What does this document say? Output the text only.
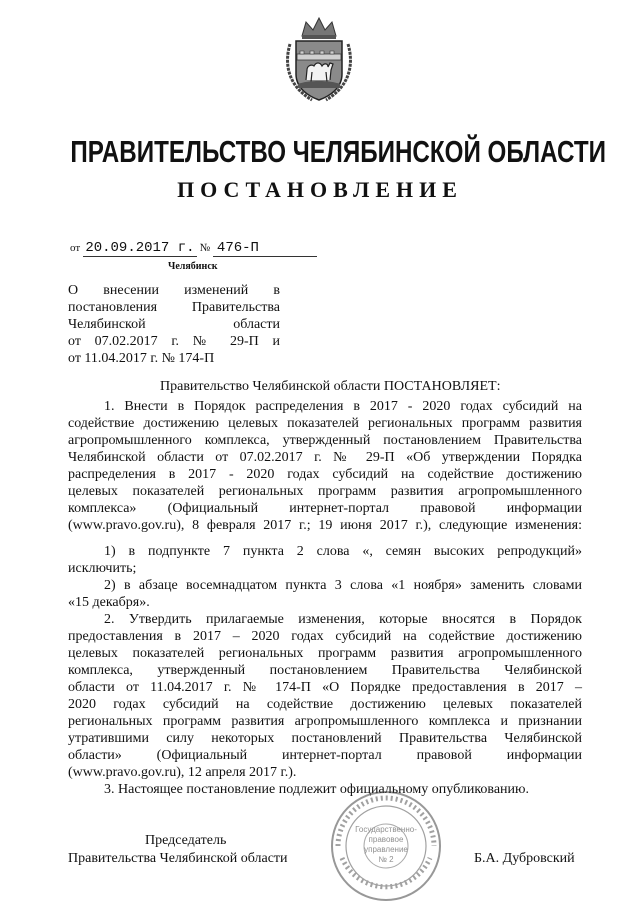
ПРАВИТЕЛЬСТВО ЧЕЛЯБИНСКОЙ ОБЛАСТИ
ПОСТАНОВЛЕНИЕ
от 20.09.2017 г. № 476-П
Челябинск
О внесении изменений в
постановления Правительства
Челябинской области
от 07.02.2017 г. № 29-П и
от 11.04.2017 г. № 174-П
Правительство Челябинской области ПОСТАНОВЛЯЕТ:
1. Внести в Порядок распределения в 2017 - 2020 годах субсидий на
содействие достижению целевых показателей региональных программ развития
агропромышленного комплекса, утвержденный постановлением Правительства
Челябинской области от 07.02.2017 г. № 29-П «Об утверждении Порядка
распределения в 2017 - 2020 годах субсидий на содействие достижению
целевых показателей региональных программ развития агропромышленного
комплекса» (Официальный интернет-портал правовой информации
(www.pravo.gov.ru), 8 февраля 2017 г.; 19 июня 2017 г.), следующие изменения:
1) в подпункте 7 пункта 2 слова «, семян высоких репродукций»
исключить;
2) в абзаце восемнадцатом пункта 3 слова «1 ноября» заменить словами
«15 декабря».
2. Утвердить прилагаемые изменения, которые вносятся в Порядок
предоставления в 2017 – 2020 годах субсидий на содействие достижению
целевых показателей региональных программ развития агропромышленного
комплекса, утвержденный постановлением Правительства Челябинской
области от 11.04.2017 г. № 174-П «О Порядке предоставления в 2017 –
2020 годах субсидий на содействие достижению целевых показателей
региональных программ развития агропромышленного комплекса и признании
утратившими силу некоторых постановлений Правительства Челябинской
области» (Официальный интернет-портал правовой информации
(www.pravo.gov.ru), 12 апреля 2017 г.).
3. Настоящее постановление подлежит официальному опубликованию.
Государственно-
правовое
управление
№ 2
Председатель
Правительства Челябинской области	Б.А. Дубровский
